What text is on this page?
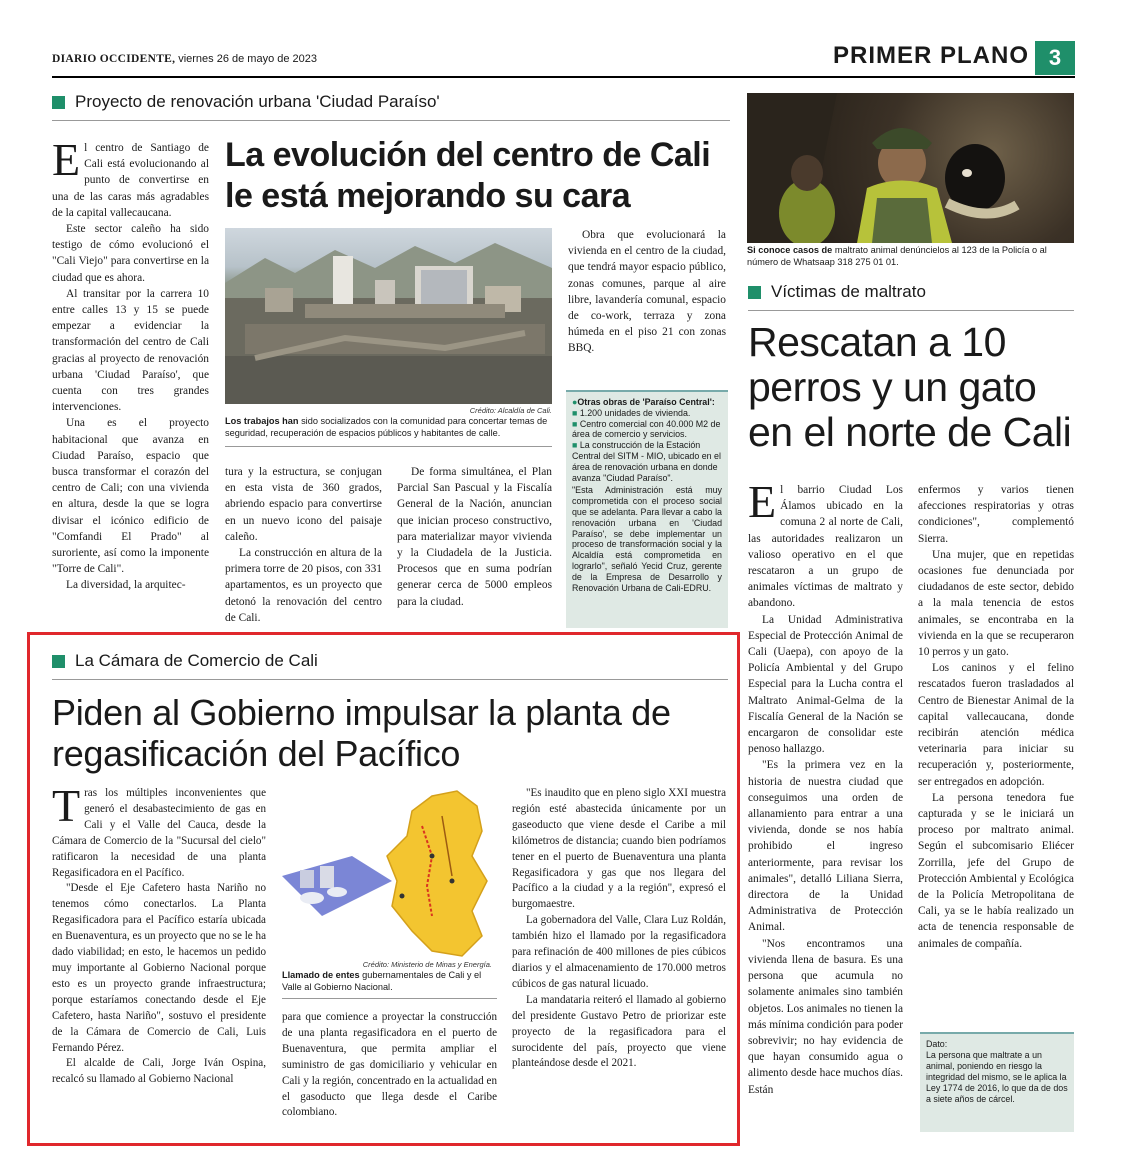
DIARIO OCCIDENTE, viernes 26 de mayo de 2023	PRIMER PLANO 3
Proyecto de renovación urbana 'Ciudad Paraíso'

El centro de Santiago de Cali está evolucionando al punto de convertirse en una de las caras más agradables de la capital vallecaucana.

Este sector caleño ha sido testigo de cómo evolucionó el "Cali Viejo" para convertirse en la ciudad que es ahora.

Al transitar por la carrera 10 entre calles 13 y 15 se puede empezar a evidenciar la transformación del centro de Cali gracias al proyecto de renovación urbana 'Ciudad Paraíso', que cuenta con tres grandes intervenciones.

Una es el proyecto habitacional que avanza en Ciudad Paraíso, espacio que busca transformar el corazón del centro de Cali; con una vivienda en altura, desde la que se logra divisar el icónico edificio de "Comfandi El Prado" al suroriente, así como la imponente "Torre de Cali".

La diversidad, la arquitec-

La evolución del centro de Cali le está mejorando su cara
Crédito: Alcaldía de Cali.
Los trabajos han sido socializados con la comunidad para concertar temas de seguridad, recuperación de espacios públicos y habitantes de calle.

Obra que evolucionará la vivienda en el centro de la ciudad, que tendrá mayor espacio público, zonas comunes, parque al aire libre, lavandería comunal, espacio de co-work, terraza y zona húmeda en el piso 21 con zonas BBQ.

tura y la estructura, se conjugan en esta vista de 360 grados, abriendo espacio para convertirse en un nuevo icono del paisaje caleño.

La construcción en altura de la primera torre de 20 pisos, con 331 apartamentos, es un proyecto que detonó la renovación del centro de Cali.

De forma simultánea, el Plan Parcial San Pascual y la Fiscalía General de la Nación, anuncian que inician proceso constructivo, para materializar mayor vivienda y la Ciudadela de la Justicia. Procesos que en suma podrían generar cerca de 5000 empleos para la ciudad.

●Otras obras de 'Paraíso Central':
■ 1.200 unidades de vivienda.
■ Centro comercial con 40.000 M2 de área de comercio y servicios.
■ La construcción de la Estación Central del SITM - MIO, ubicado en el área de renovación urbana en donde avanza "Ciudad Paraíso".
"Esta Administración está muy comprometida con el proceso social que se adelanta. Para llevar a cabo la renovación urbana en 'Ciudad Paraíso', se debe implementar un proceso de transformación social y la Alcaldía está comprometida en lograrlo", señaló Yecid Cruz, gerente de la Empresa de Desarrollo y Renovación Urbana de Cali-EDRU.
Si conoce casos de maltrato animal denúncielos al 123 de la Policía o al número de Whatsaap 318 275 01 01.
Víctimas de maltrato
Rescatan a 10 perros y un gato en el norte de Cali

El barrio Ciudad Los Álamos ubicado en la comuna 2 al norte de Cali, las autoridades realizaron un valioso operativo en el que rescataron a un grupo de animales víctimas de maltrato y abandono.

La Unidad Administrativa Especial de Protección Animal de Cali (Uaepa), con apoyo de la Policía Ambiental y del Grupo Especial para la Lucha contra el Maltrato Animal-Gelma de la Fiscalía General de la Nación se encargaron de consolidar este penoso hallazgo.

"Es la primera vez en la historia de nuestra ciudad que conseguimos una orden de allanamiento para entrar a una vivienda, donde se nos había prohibido el ingreso anteriormente, para revisar los animales", detalló Liliana Sierra, directora de la Unidad Administrativa de Protección Animal.

"Nos encontramos una vivienda llena de basura. Es una persona que acumula no solamente animales sino también objetos. Los animales no tienen la más mínima condición para poder sobrevivir; no hay evidencia de que hayan consumido agua o alimento desde hace muchos días. Están

enfermos y varios tienen afecciones respiratorias y otras condiciones", complementó Sierra.

Una mujer, que en repetidas ocasiones fue denunciada por ciudadanos de este sector, debido a la mala tenencia de estos animales, se encontraba en la vivienda en la que se recuperaron 10 perros y un gato.

Los caninos y el felino rescatados fueron trasladados al Centro de Bienestar Animal de la capital vallecaucana, donde recibirán atención médica veterinaria para iniciar su recuperación y, posteriormente, ser entregados en adopción.

La persona tenedora fue capturada y se le iniciará un proceso por maltrato animal. Según el subcomisario Eliécer Zorrilla, jefe del Grupo de Protección Ambiental y Ecológica de la Policía Metropolitana de Cali, ya se le había realizado un acta de tenencia responsable de animales de compañía.

Dato:
La persona que maltrate a un animal, poniendo en riesgo la integridad del mismo, se le aplica la Ley 1774 de 2016, lo que da de dos a siete años de cárcel.
La Cámara de Comercio de Cali
Piden al Gobierno impulsar la planta de regasificación del Pacífico

Tras los múltiples inconvenientes que generó el desabastecimiento de gas en Cali y el Valle del Cauca, desde la Cámara de Comercio de la "Sucursal del cielo" ratificaron la necesidad de una planta Regasificadora en el Pacífico.

"Desde el Eje Cafetero hasta Nariño no tenemos cómo conectarlos. La Planta Regasificadora para el Pacífico estaría ubicada en Buenaventura, es un proyecto que no se le ha dado viabilidad; en esto, le hacemos un pedido muy importante al Gobierno Nacional porque esto es un proyecto grande infraestructura; porque estaríamos conectando desde el Eje Cafetero, hasta Nariño", sostuvo el presidente de la Cámara de Comercio de Cali, Luis Fernando Pérez.

El alcalde de Cali, Jorge Iván Ospina, recalcó su llamado al Gobierno Nacional

Crédito: Ministerio de Minas y Energía.
Llamado de entes gubernamentales de Cali y el Valle al Gobierno Nacional.

para que comience a proyectar la construcción de una planta regasificadora en el puerto de Buenaventura, que permita ampliar el suministro de gas domiciliario y vehicular en Cali y la región, concentrado en la actualidad en el gasoducto que llega desde el Caribe colombiano.

"Es inaudito que en pleno siglo XXI muestra región esté abastecida únicamente por un gaseoducto que viene desde el Caribe a mil kilómetros de distancia; cuando bien podríamos tener en el puerto de Buenaventura una planta Regasificadora y gas que nos llegara del Pacífico a la ciudad y a la región", expresó el burgomaestre.

La gobernadora del Valle, Clara Luz Roldán, también hizo el llamado por la regasificadora para refinación de 400 millones de pies cúbicos diarios y el almacenamiento de 170.000 metros cúbicos de gas natural licuado.

La mandataria reiteró el llamado al gobierno del presidente Gustavo Petro de priorizar este proyecto de la regasificadora para el surocidente del país, proyecto que viene planteándose desde el 2021.
